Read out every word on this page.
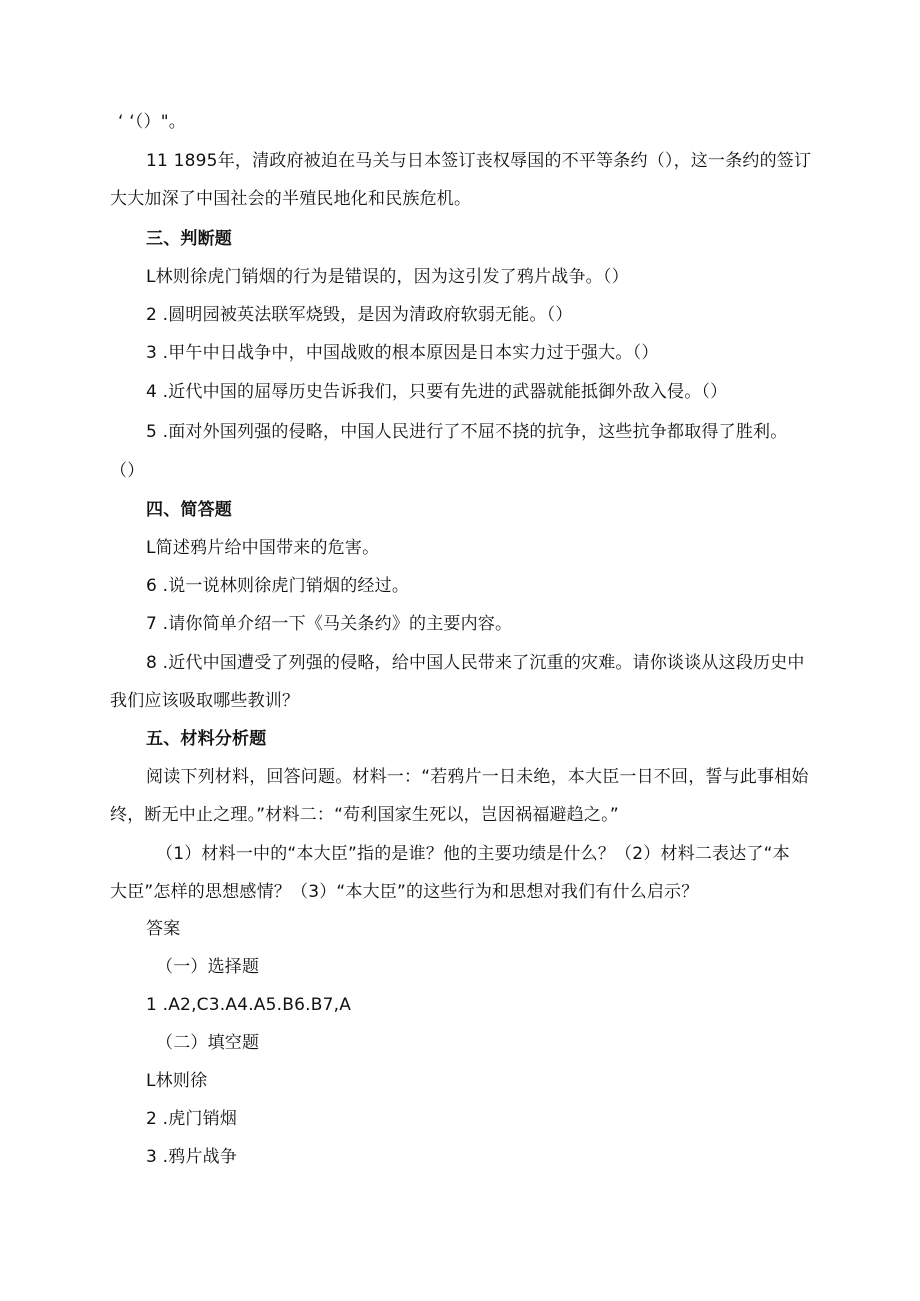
‘ ‘（）"。
11 1895年，清政府被迫在马关与日本签订丧权辱国的不平等条约（），这一条约的签订
大大加深了中国社会的半殖民地化和民族危机。
三、判断题
L林则徐虎门销烟的行为是错误的，因为这引发了鸦片战争。（）
2 .圆明园被英法联军烧毁，是因为清政府软弱无能。（）
3 .甲午中日战争中，中国战败的根本原因是日本实力过于强大。（）
4 .近代中国的屈辱历史告诉我们，只要有先进的武器就能抵御外敌入侵。（）
5 .面对外国列强的侵略，中国人民进行了不屈不挠的抗争，这些抗争都取得了胜利。
（）
四、简答题
L简述鸦片给中国带来的危害。
6 .说一说林则徐虎门销烟的经过。
7 .请你简单介绍一下《马关条约》的主要内容。
8 .近代中国遭受了列强的侵略，给中国人民带来了沉重的灾难。请你谈谈从这段历史中
我们应该吸取哪些教训？
五、材料分析题
阅读下列材料，回答问题。材料一：“若鸦片一日未绝，本大臣一日不回，誓与此事相始
终，断无中止之理。”材料二：“苟利国家生死以，岂因祸福避趋之。”
（1）材料一中的“本大臣”指的是谁？他的主要功绩是什么？（2）材料二表达了“本
大臣”怎样的思想感情？（3）“本大臣”的这些行为和思想对我们有什么启示？
答案
（一）选择题
1 .A2,C3.A4.A5.B6.B7,A
（二）填空题
L林则徐
2 .虎门销烟
3 .鸦片战争
